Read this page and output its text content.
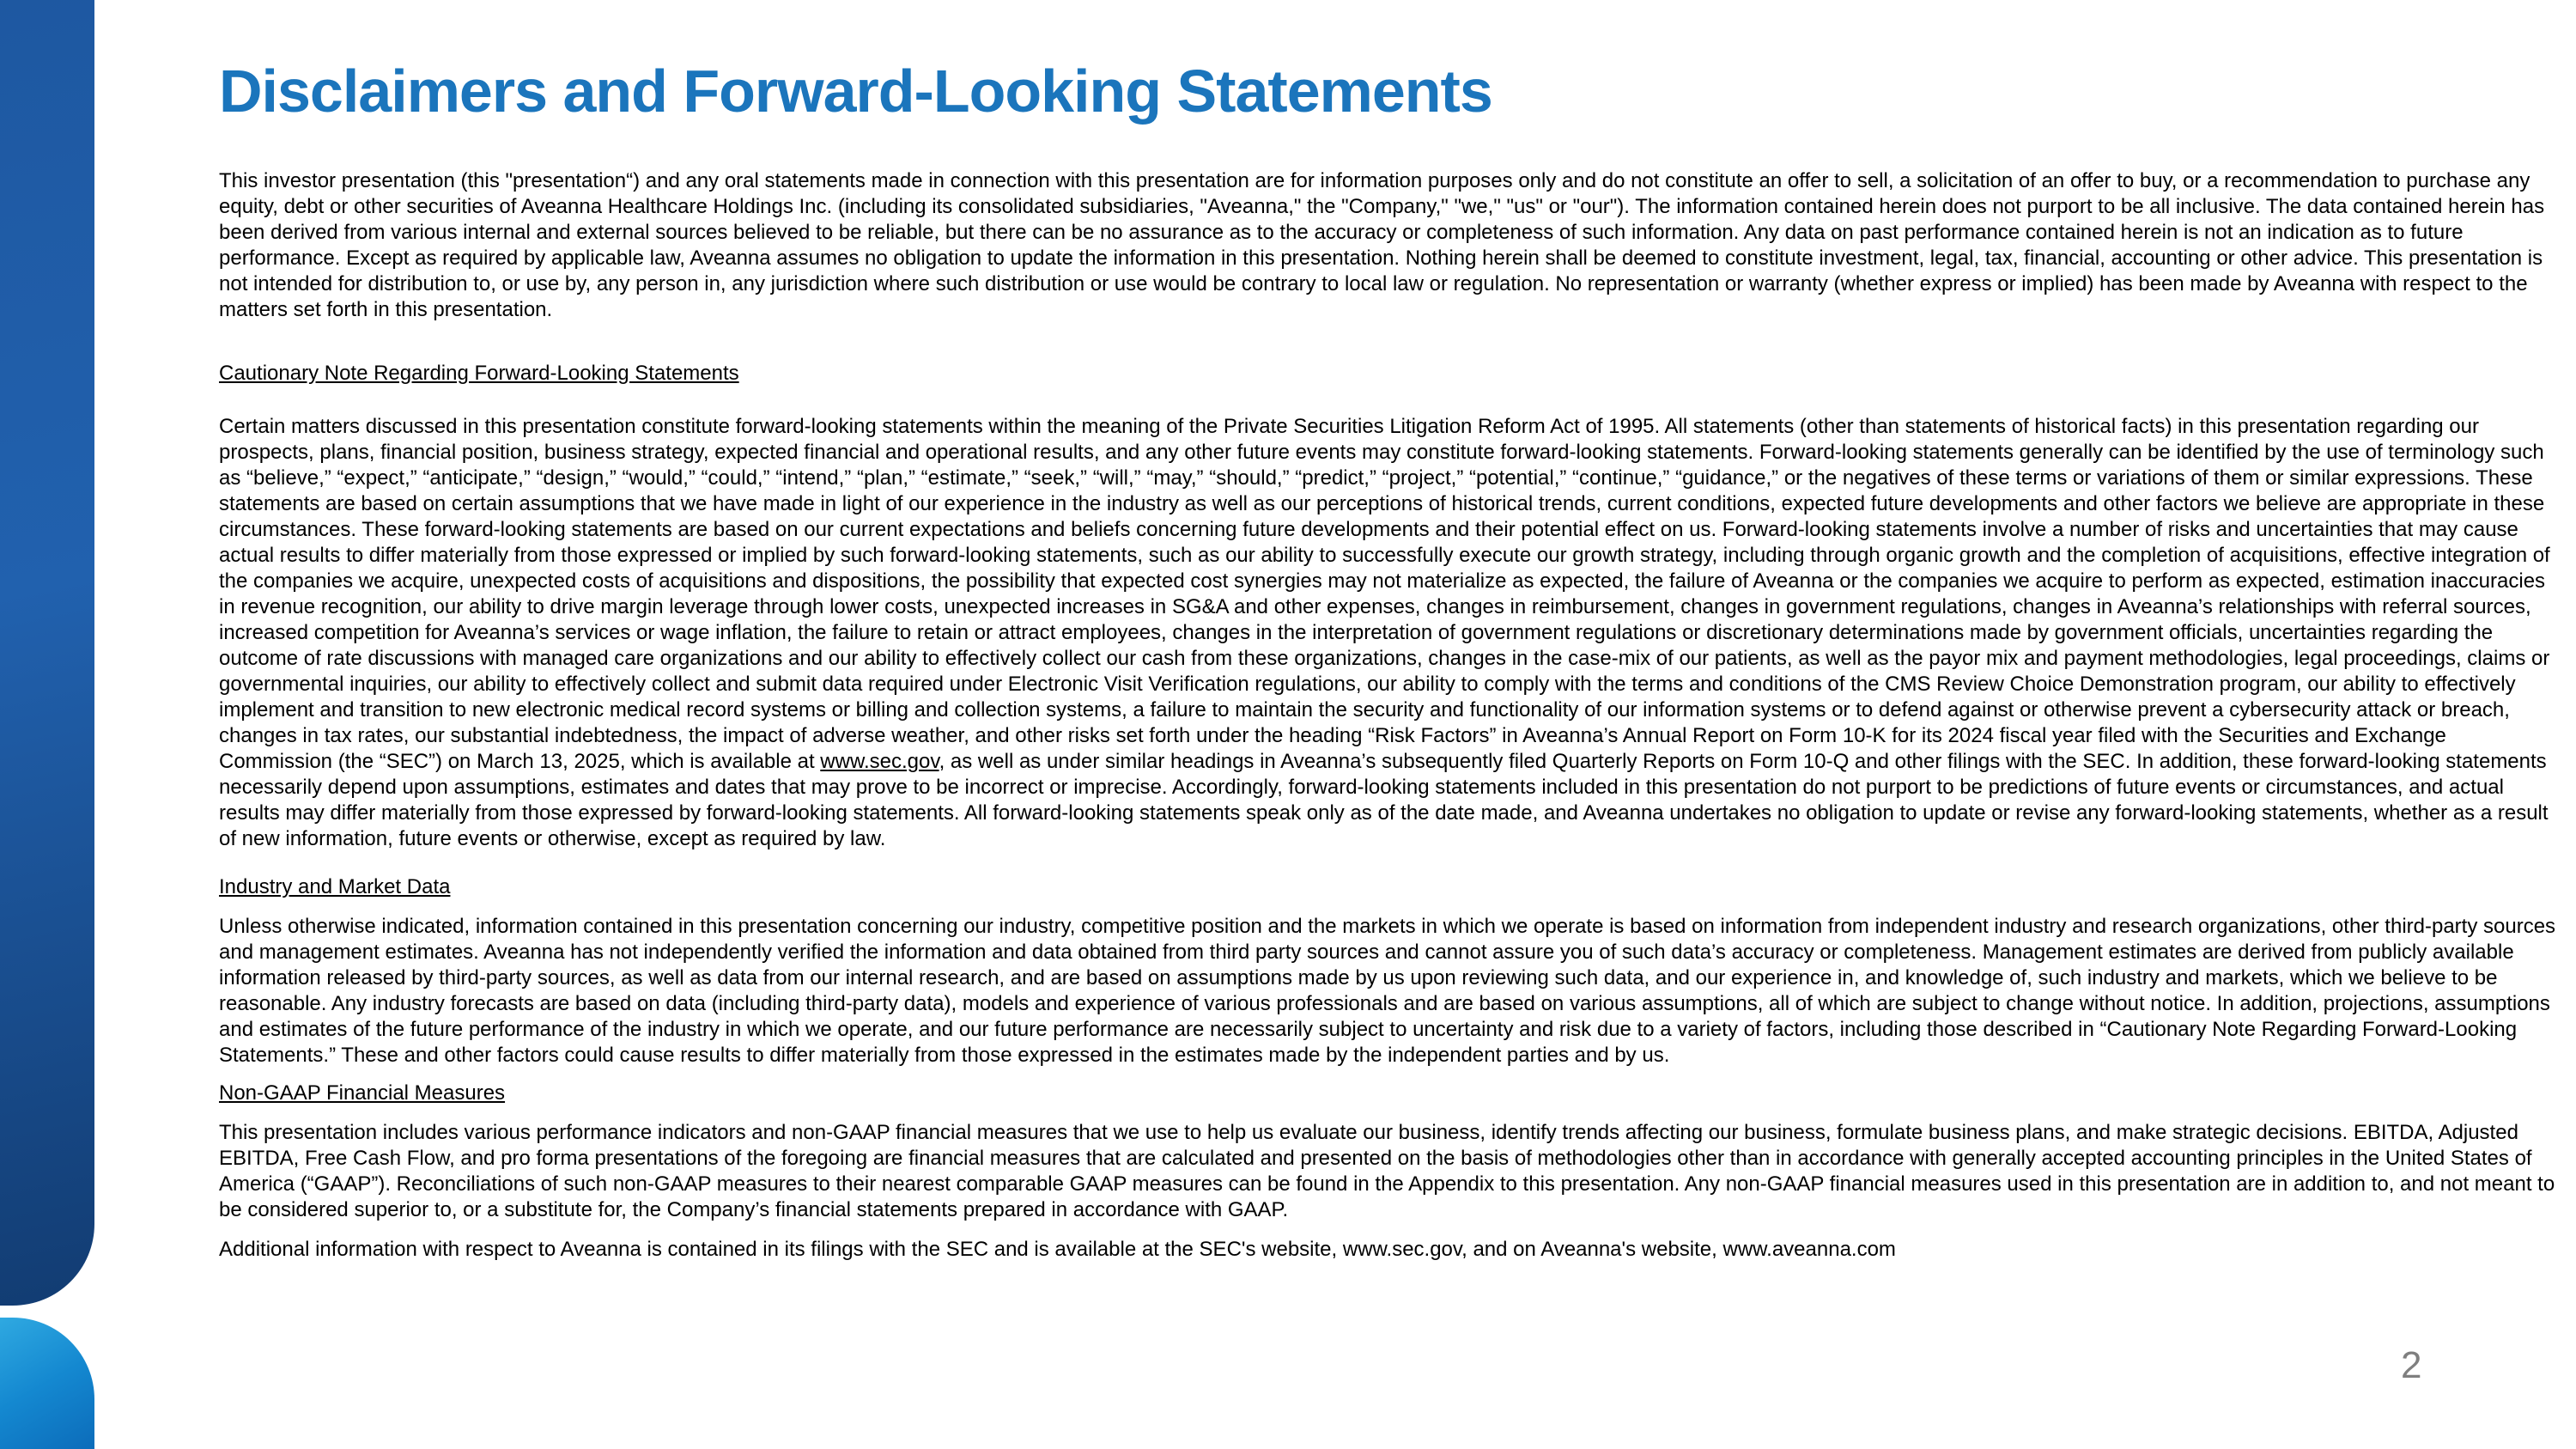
Disclaimers and Forward-Looking Statements

This investor presentation (this "presentation“) and any oral statements made in connection with this presentation are for information purposes only and do not constitute an offer to sell, a solicitation of an offer to buy, or a recommendation to purchase any equity, debt or other securities of Aveanna Healthcare Holdings Inc. (including its consolidated subsidiaries, "Aveanna," the "Company," "we," "us" or "our"). The information contained herein does not purport to be all inclusive. The data contained herein has been derived from various internal and external sources believed to be reliable, but there can be no assurance as to the accuracy or completeness of such information. Any data on past performance contained herein is not an indication as to future performance. Except as required by applicable law, Aveanna assumes no obligation to update the information in this presentation. Nothing herein shall be deemed to constitute investment, legal, tax, financial, accounting or other advice. This presentation is not intended for distribution to, or use by, any person in, any jurisdiction where such distribution or use would be contrary to local law or regulation. No representation or warranty (whether express or implied) has been made by Aveanna with respect to the matters set forth in this presentation.

Cautionary Note Regarding Forward-Looking Statements

Certain matters discussed in this presentation constitute forward-looking statements within the meaning of the Private Securities Litigation Reform Act of 1995. All statements (other than statements of historical facts) in this presentation regarding our prospects, plans, financial position, business strategy, expected financial and operational results, and any other future events may constitute forward-looking statements. Forward-looking statements generally can be identified by the use of terminology such as “believe,” “expect,” “anticipate,” “design,” “would,” “could,” “intend,” “plan,” “estimate,” “seek,” “will,” “may,” “should,” “predict,” “project,” “potential,” “continue,” “guidance,” or the negatives of these terms or variations of them or similar expressions. These statements are based on certain assumptions that we have made in light of our experience in the industry as well as our perceptions of historical trends, current conditions, expected future developments and other factors we believe are appropriate in these circumstances. These forward-looking statements are based on our current expectations and beliefs concerning future developments and their potential effect on us. Forward-looking statements involve a number of risks and uncertainties that may cause actual results to differ materially from those expressed or implied by such forward-looking statements, such as our ability to successfully execute our growth strategy, including through organic growth and the completion of acquisitions, effective integration of the companies we acquire, unexpected costs of acquisitions and dispositions, the possibility that expected cost synergies may not materialize as expected, the failure of Aveanna or the companies we acquire to perform as expected, estimation inaccuracies in revenue recognition, our ability to drive margin leverage through lower costs, unexpected increases in SG&A and other expenses, changes in reimbursement, changes in government regulations, changes in Aveanna’s relationships with referral sources, increased competition for Aveanna’s services or wage inflation, the failure to retain or attract employees, changes in the interpretation of government regulations or discretionary determinations made by government officials, uncertainties regarding the outcome of rate discussions with managed care organizations and our ability to effectively collect our cash from these organizations, changes in the case-mix of our patients, as well as the payor mix and payment methodologies, legal proceedings, claims or governmental inquiries, our ability to effectively collect and submit data required under Electronic Visit Verification regulations, our ability to comply with the terms and conditions of the CMS Review Choice Demonstration program, our ability to effectively implement and transition to new electronic medical record systems or billing and collection systems, a failure to maintain the security and functionality of our information systems or to defend against or otherwise prevent a cybersecurity attack or breach, changes in tax rates, our substantial indebtedness, the impact of adverse weather, and other risks set forth under the heading “Risk Factors” in Aveanna’s Annual Report on Form 10-K for its 2024 fiscal year filed with the Securities and Exchange Commission (the “SEC”) on March 13, 2025, which is available at www.sec.gov, as well as under similar headings in Aveanna’s subsequently filed Quarterly Reports on Form 10-Q and other filings with the SEC. In addition, these forward-looking statements necessarily depend upon assumptions, estimates and dates that may prove to be incorrect or imprecise. Accordingly, forward-looking statements included in this presentation do not purport to be predictions of future events or circumstances, and actual results may differ materially from those expressed by forward-looking statements. All forward-looking statements speak only as of the date made, and Aveanna undertakes no obligation to update or revise any forward-looking statements, whether as a result of new information, future events or otherwise, except as required by law.

Industry and Market Data

Unless otherwise indicated, information contained in this presentation concerning our industry, competitive position and the markets in which we operate is based on information from independent industry and research organizations, other third-party sources and management estimates. Aveanna has not independently verified the information and data obtained from third party sources and cannot assure you of such data’s accuracy or completeness. Management estimates are derived from publicly available information released by third-party sources, as well as data from our internal research, and are based on assumptions made by us upon reviewing such data, and our experience in, and knowledge of, such industry and markets, which we believe to be reasonable. Any industry forecasts are based on data (including third-party data), models and experience of various professionals and are based on various assumptions, all of which are subject to change without notice. In addition, projections, assumptions and estimates of the future performance of the industry in which we operate, and our future performance are necessarily subject to uncertainty and risk due to a variety of factors, including those described in “Cautionary Note Regarding Forward-Looking Statements.” These and other factors could cause results to differ materially from those expressed in the estimates made by the independent parties and by us.

Non-GAAP Financial Measures

This presentation includes various performance indicators and non-GAAP financial measures that we use to help us evaluate our business, identify trends affecting our business, formulate business plans, and make strategic decisions. EBITDA, Adjusted EBITDA, Free Cash Flow, and pro forma presentations of the foregoing are financial measures that are calculated and presented on the basis of methodologies other than in accordance with generally accepted accounting principles in the United States of America (“GAAP”). Reconciliations of such non-GAAP measures to their nearest comparable GAAP measures can be found in the Appendix to this presentation. Any non-GAAP financial measures used in this presentation are in addition to, and not meant to be considered superior to, or a substitute for, the Company’s financial statements prepared in accordance with GAAP.

Additional information with respect to Aveanna is contained in its filings with the SEC and is available at the SEC's website, www.sec.gov, and on Aveanna's website, www.aveanna.com

2
